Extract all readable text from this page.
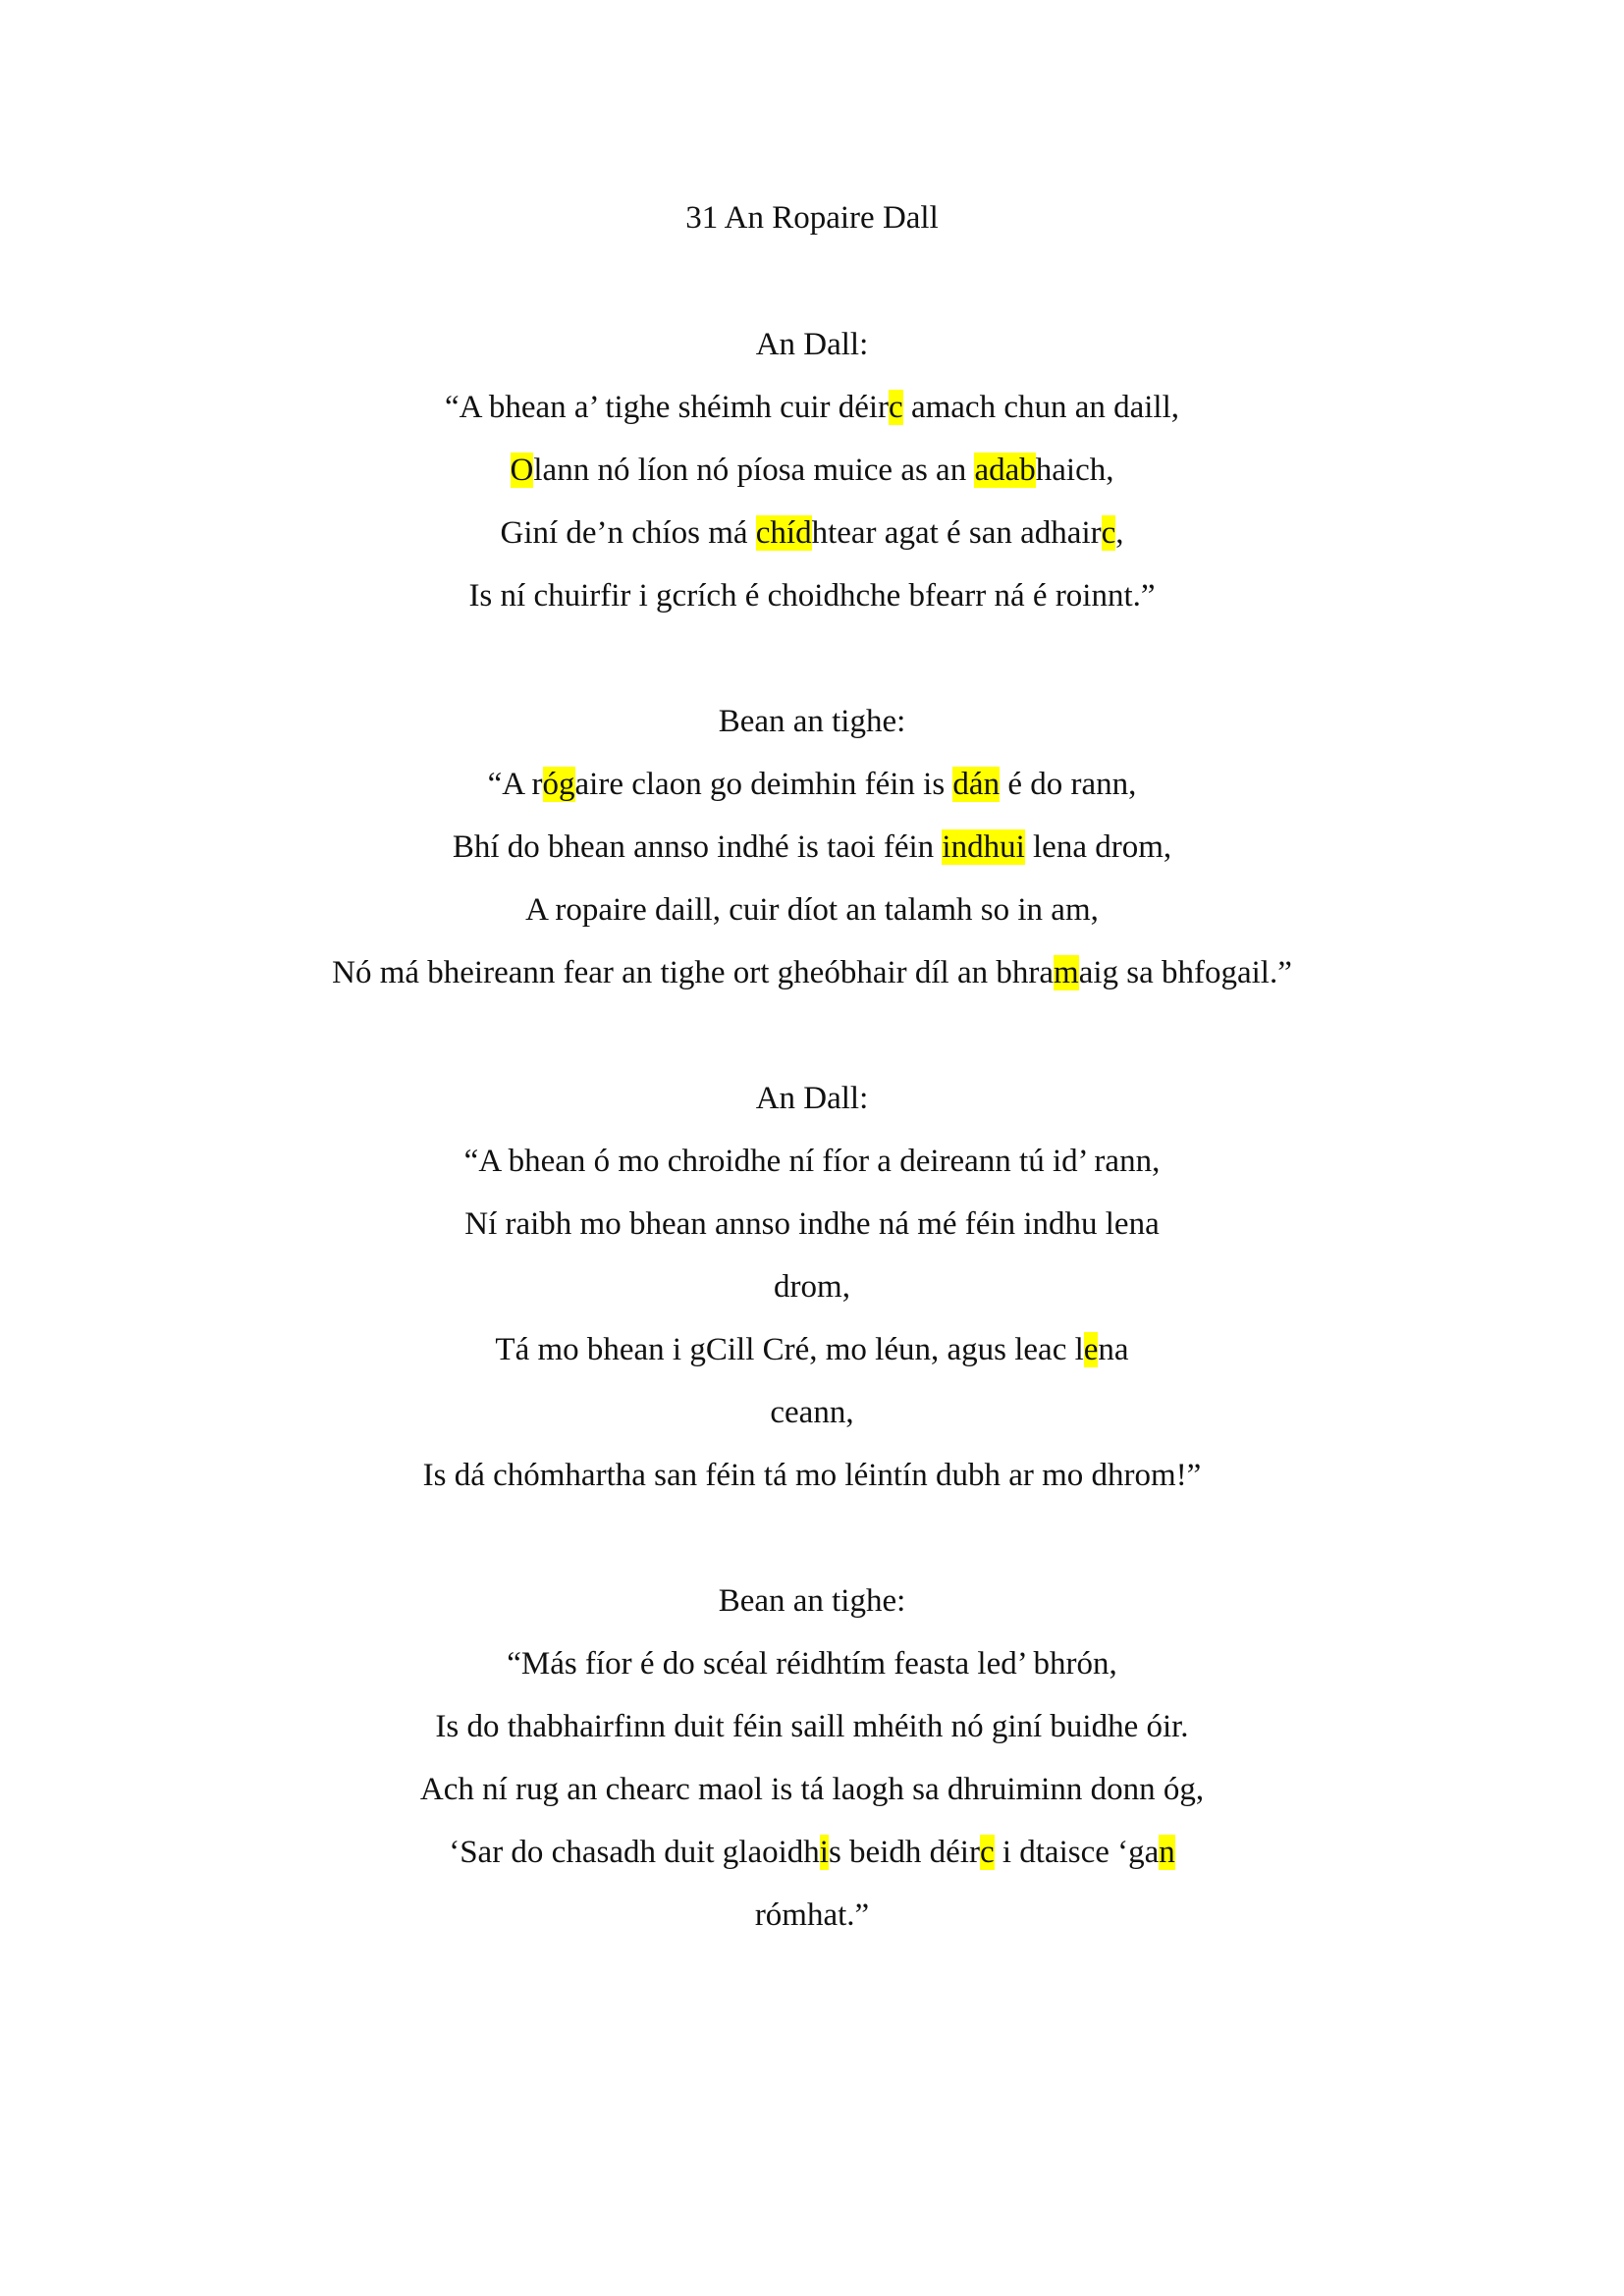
31 An Ropaire Dall
An Dall:
“A bhean a’ tighe shéimh cuir déirc amach chun an daill,
Olann nó líon nó píosa muice as an adabhaich,
Giní de’n chíos má chídhtear agat é san adhairc,
Is ní chuirfir i gcrích é choidhche bfearr ná é roinnt.”
Bean an tighe:
“A rógaire claon go deimhin féin is dán é do rann,
Bhí do bhean annso indhé is taoi féin indhui lena drom,
A ropaire daill, cuir díot an talamh so in am,
Nó má bheireann fear an tighe ort gheóbhair díl an bhramaig sa bhfogail.”
An Dall:
“A bhean ó mo chroidhe ní fíor a deireann tú id’ rann,
Ní raibh mo bhean annso indhe ná mé féin indhu lena
drom,
Tá mo bhean i gCill Cré, mo léun, agus leac lena
ceann,
Is dá chómhartha san féin tá mo léintín dubh ar mo dhrom!”
Bean an tighe:
“Más fíor é do scéal réidhtím feasta led’ bhrón,
Is do thabhairfinn duit féin saill mhéith nó giní buidhe óir.
Ach ní rug an chearc maol is tá laogh sa dhruiminn donn óg,
‘Sar do chasadh duit glaoidhis beidh déirc i dtaisce ‘gan
rómhat.”
